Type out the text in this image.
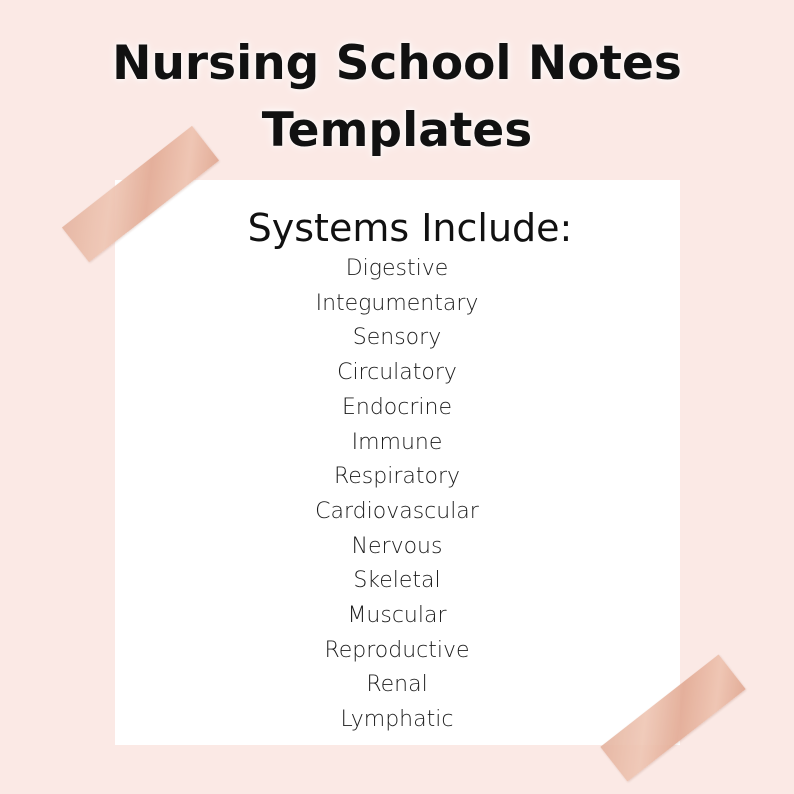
Nursing School Notes
Templates
Systems Include:
Digestive
Integumentary
Sensory
Circulatory
Endocrine
Immune
Respiratory
Cardiovascular
Nervous
Skeletal
Muscular
Reproductive
Renal
Lymphatic
